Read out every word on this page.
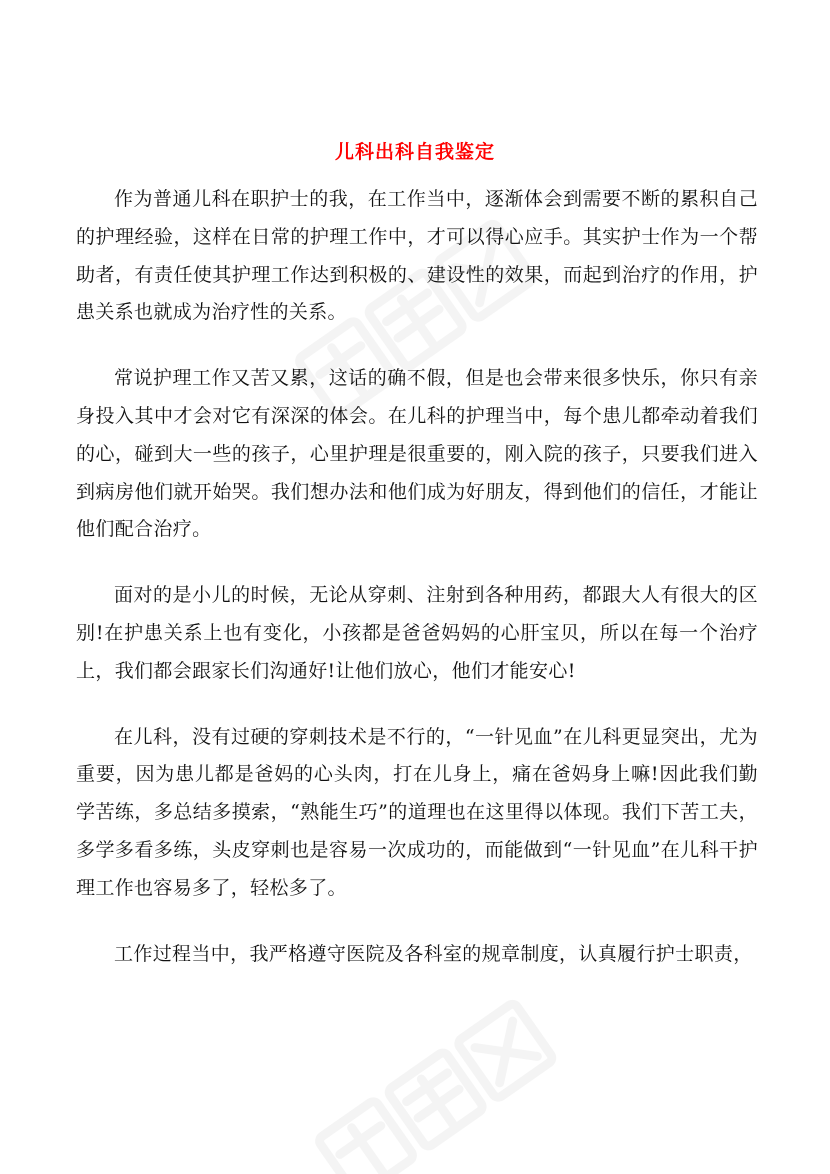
儿科出科自我鉴定

作为普通儿科在职护士的我，在工作当中，逐渐体会到需要不断的累积自己的护理经验，这样在日常的护理工作中，才可以得心应手。其实护士作为一个帮助者，有责任使其护理工作达到积极的、建设性的效果，而起到治疗的作用，护患关系也就成为治疗性的关系。

常说护理工作又苦又累，这话的确不假，但是也会带来很多快乐，你只有亲身投入其中才会对它有深深的体会。在儿科的护理当中，每个患儿都牵动着我们的心，碰到大一些的孩子，心里护理是很重要的，刚入院的孩子，只要我们进入到病房他们就开始哭。我们想办法和他们成为好朋友，得到他们的信任，才能让他们配合治疗。

面对的是小儿的时候，无论从穿刺、注射到各种用药，都跟大人有很大的区别!在护患关系上也有变化，小孩都是爸爸妈妈的心肝宝贝，所以在每一个治疗上，我们都会跟家长们沟通好!让他们放心，他们才能安心!

在儿科，没有过硬的穿刺技术是不行的，“一针见血”在儿科更显突出，尤为重要，因为患儿都是爸妈的心头肉，打在儿身上，痛在爸妈身上嘛!因此我们勤学苦练，多总结多摸索，“熟能生巧”的道理也在这里得以体现。我们下苦工夫，多学多看多练，头皮穿刺也是容易一次成功的，而能做到“一针见血”在儿科干护理工作也容易多了，轻松多了。

工作过程当中，我严格遵守医院及各科室的规章制度，认真履行护士职责，
